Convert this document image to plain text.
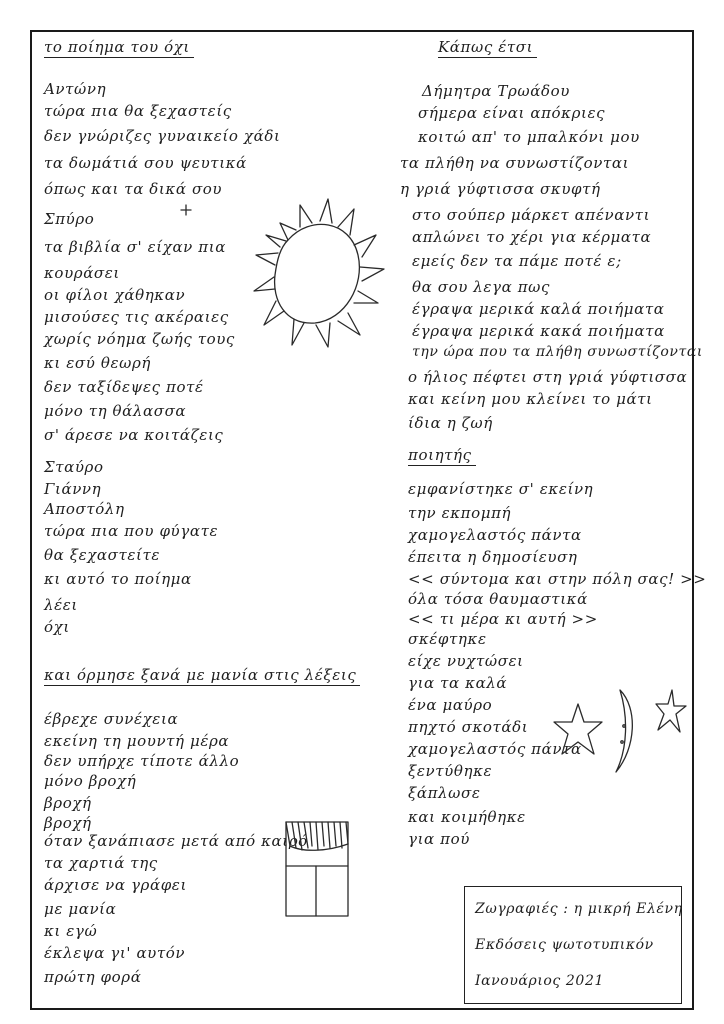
το ποίημα του όχι
Αντώνη
τώρα πια θα ξεχαστείς
δεν γνώριζες γυναικείο χάδι
τα δωμάτιά σου ψευτικά
όπως και τα δικά σου
Σπύρο
τα βιβλία σ' είχαν πια
κουράσει
οι φίλοι χάθηκαν
μισούσες τις ακέραιες
χωρίς νόημα ζωής τους
κι εσύ θεωρή
δεν ταξίδεψες ποτέ
μόνο τη θάλασσα
σ' άρεσε να κοιτάζεις
Σταύρο
Γιάννη
Αποστόλη
τώρα πια που φύγατε
θα ξεχαστείτε
κι αυτό το ποίημα
λέει
όχι
και όρμησε ξανά με μανία στις λέξεις
έβρεχε συνέχεια
εκείνη τη μουντή μέρα
δεν υπήρχε τίποτε άλλο
μόνο βροχή
βροχή
βροχή
όταν ξανάπιασε μετά από καιρό
τα χαρτιά της
άρχισε να γράφει
με μανία
κι εγώ
έκλεψα γι' αυτόν
πρώτη φορά
Κάπως έτσι
Δήμητρα Τρωάδου
σήμερα είναι απόκριες
κοιτώ απ' το μπαλκόνι μου
τα πλήθη να συνωστίζονται
η γριά γύφτισσα σκυφτή
στο σούπερ μάρκετ απέναντι
απλώνει το χέρι για κέρματα
εμείς δεν τα πάμε ποτέ ε;
θα σου λεγα πως
έγραψα μερικά καλά ποιήματα
έγραψα μερικά κακά ποιήματα
την ώρα που τα πλήθη συνωστίζονται
ο ήλιος πέφτει στη γριά γύφτισσα
και κείνη μου κλείνει το μάτι
ίδια η ζωή
ποιητής
εμφανίστηκε σ' εκείνη
την εκπομπή
χαμογελαστός πάντα
έπειτα η δημοσίευση
<< σύντομα και στην πόλη σας! >>
όλα τόσα θαυμαστικά
<< τι μέρα κι αυτή >>
σκέφτηκε
είχε νυχτώσει
για τα καλά
ένα μαύρο
πηχτό σκοτάδι
χαμογελαστός πάντα
ξεντύθηκε
ξάπλωσε
και κοιμήθηκε
για πού
Ζωγραφιές : η μικρή Ελένη
Εκδόσεις ψωτοτυπικόν
Ιανουάριος 2021
